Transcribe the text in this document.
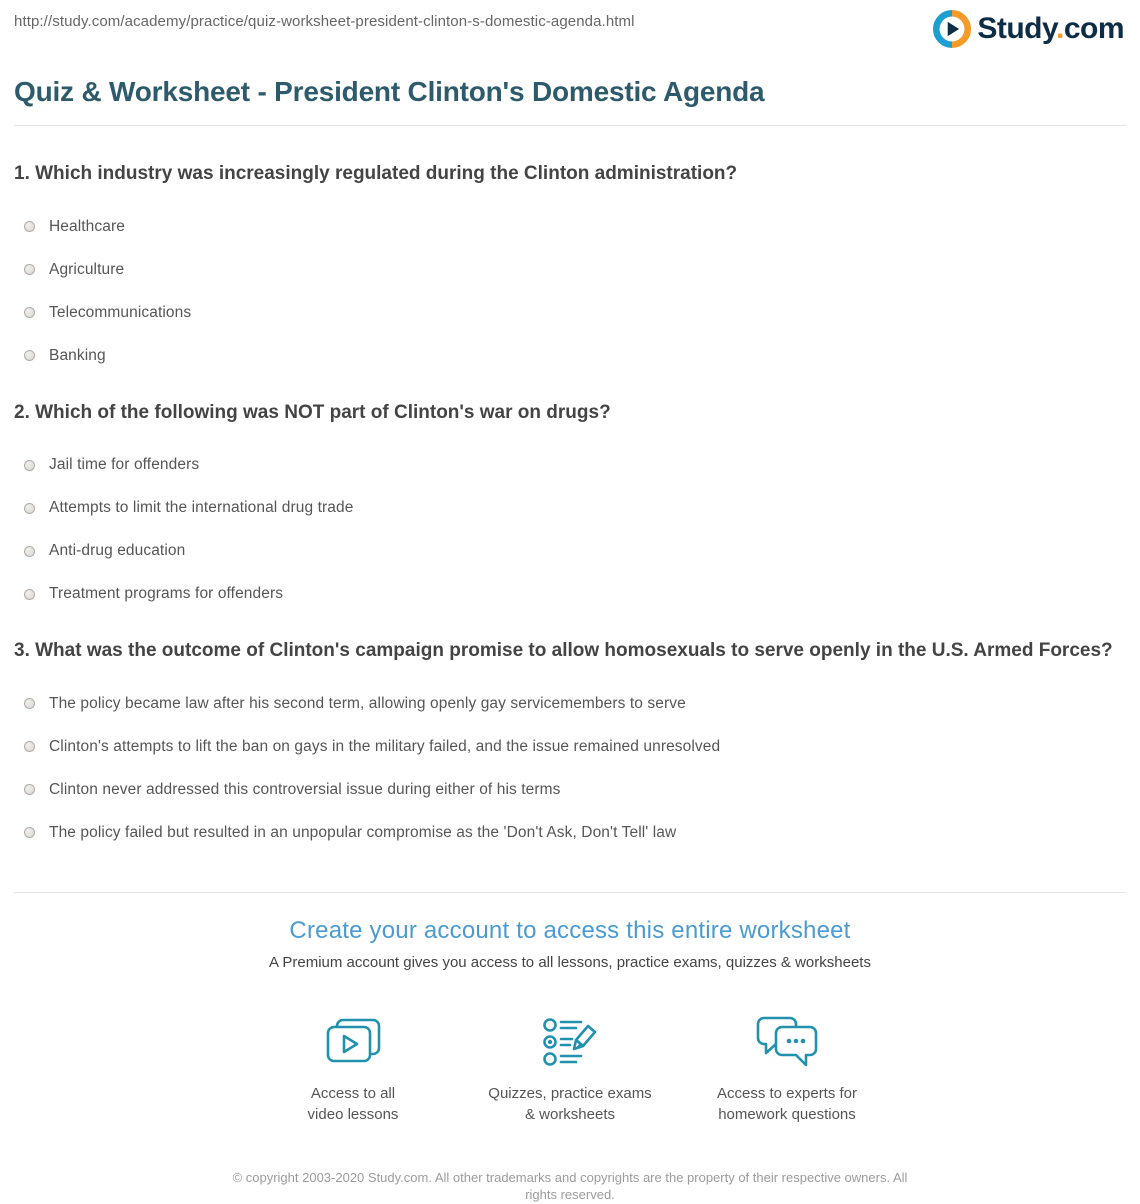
http://study.com/academy/practice/quiz-worksheet-president-clinton-s-domestic-agenda.html	Study.com
Quiz & Worksheet - President Clinton's Domestic Agenda
1. Which industry was increasingly regulated during the Clinton administration?
Healthcare
Agriculture
Telecommunications
Banking
2. Which of the following was NOT part of Clinton's war on drugs?
Jail time for offenders
Attempts to limit the international drug trade
Anti-drug education
Treatment programs for offenders
3. What was the outcome of Clinton's campaign promise to allow homosexuals to serve openly in the U.S. Armed Forces?
The policy became law after his second term, allowing openly gay servicemembers to serve
Clinton's attempts to lift the ban on gays in the military failed, and the issue remained unresolved
Clinton never addressed this controversial issue during either of his terms
The policy failed but resulted in an unpopular compromise as the 'Don't Ask, Don't Tell' law
Create your account to access this entire worksheet
A Premium account gives you access to all lessons, practice exams, quizzes & worksheets
Access to all
video lessons
Quizzes, practice exams
& worksheets
Access to experts for
homework questions
© copyright 2003-2020 Study.com. All other trademarks and copyrights are the property of their respective owners. All rights reserved.
